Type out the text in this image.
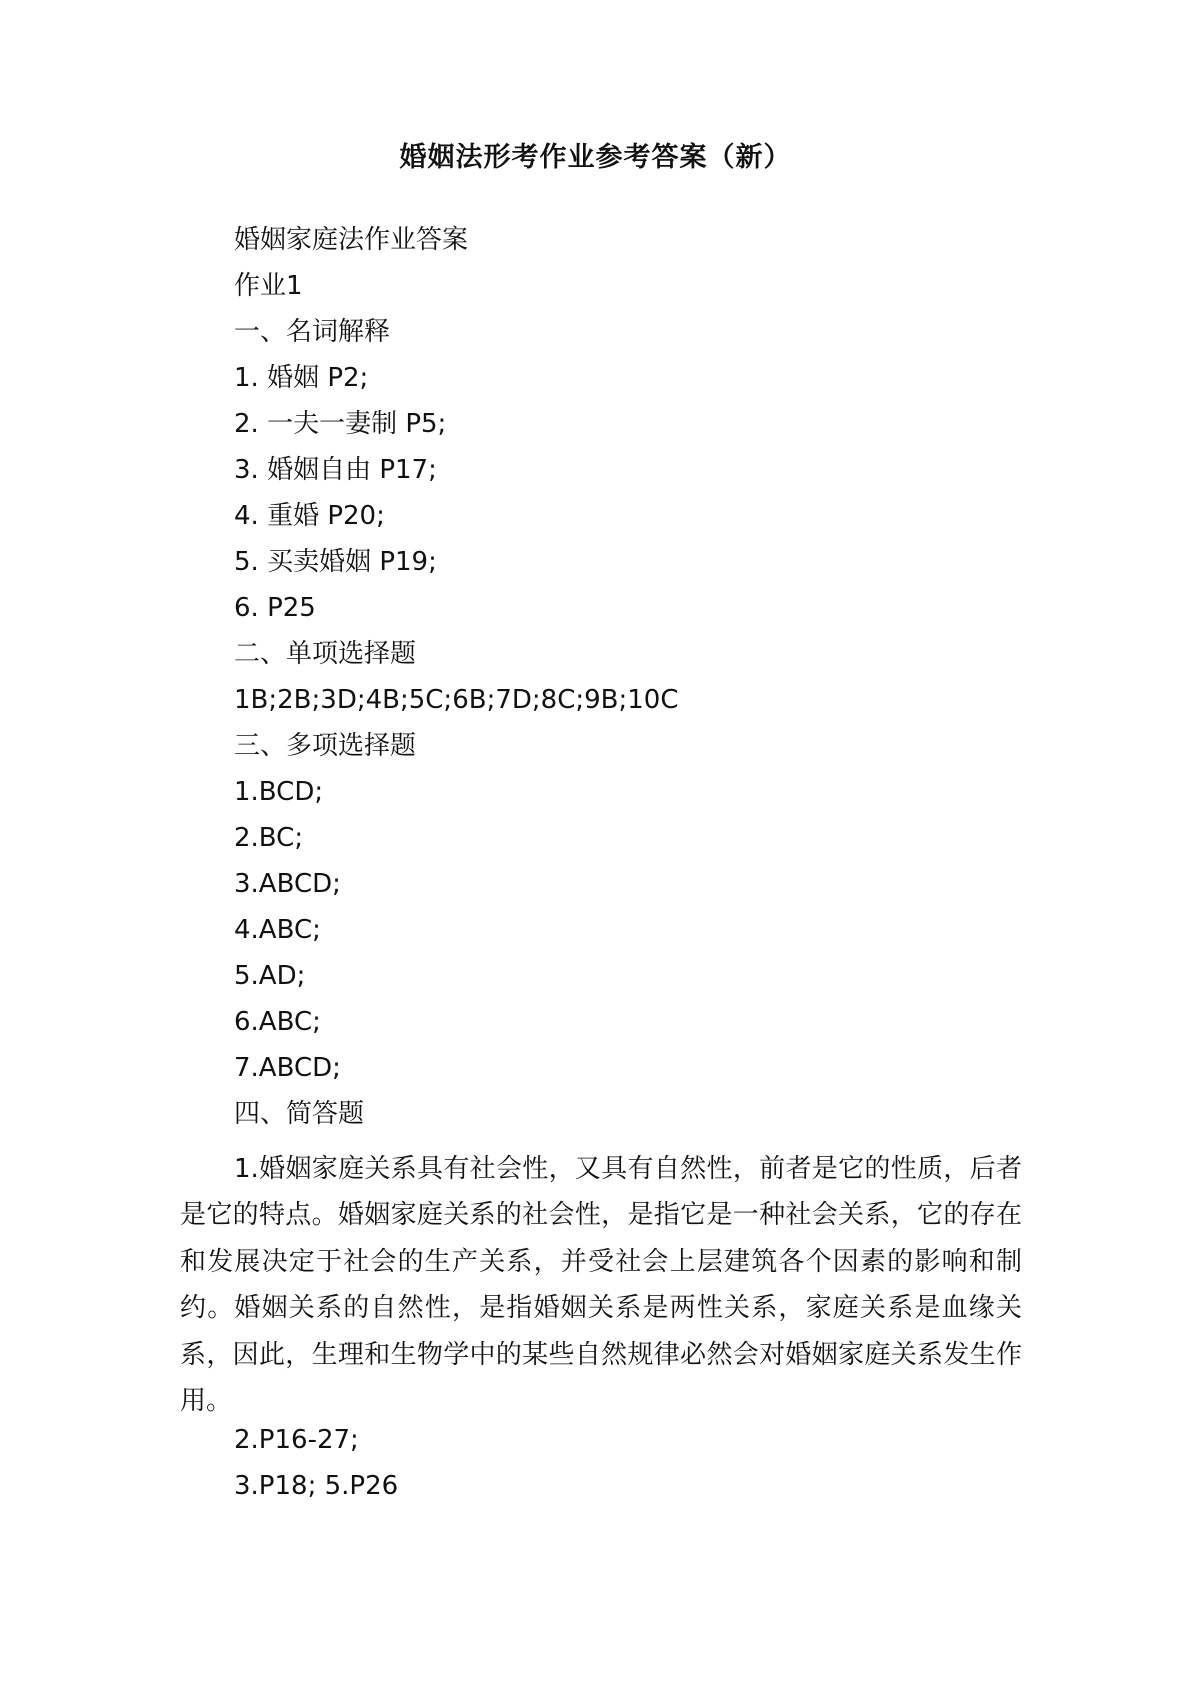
婚姻法形考作业参考答案（新）

婚姻家庭法作业答案

作业1

一、名词解释

1. 婚姻 P2;

2. 一夫一妻制 P5;

3. 婚姻自由 P17;

4. 重婚 P20;

5. 买卖婚姻 P19;

6. P25

二、单项选择题

1B;2B;3D;4B;5C;6B;7D;8C;9B;10C

三、多项选择题

1.BCD;

2.BC;

3.ABCD;

4.ABC;

5.AD;

6.ABC;

7.ABCD;

四、简答题

1.婚姻家庭关系具有社会性，又具有自然性，前者是它的性质，后者是它的特点。婚姻家庭关系的社会性，是指它是一种社会关系，它的存在和发展决定于社会的生产关系，并受社会上层建筑各个因素的影响和制约。婚姻关系的自然性，是指婚姻关系是两性关系，家庭关系是血缘关系，因此，生理和生物学中的某些自然规律必然会对婚姻家庭关系发生作用。

2.P16-27;

3.P18; 5.P26
